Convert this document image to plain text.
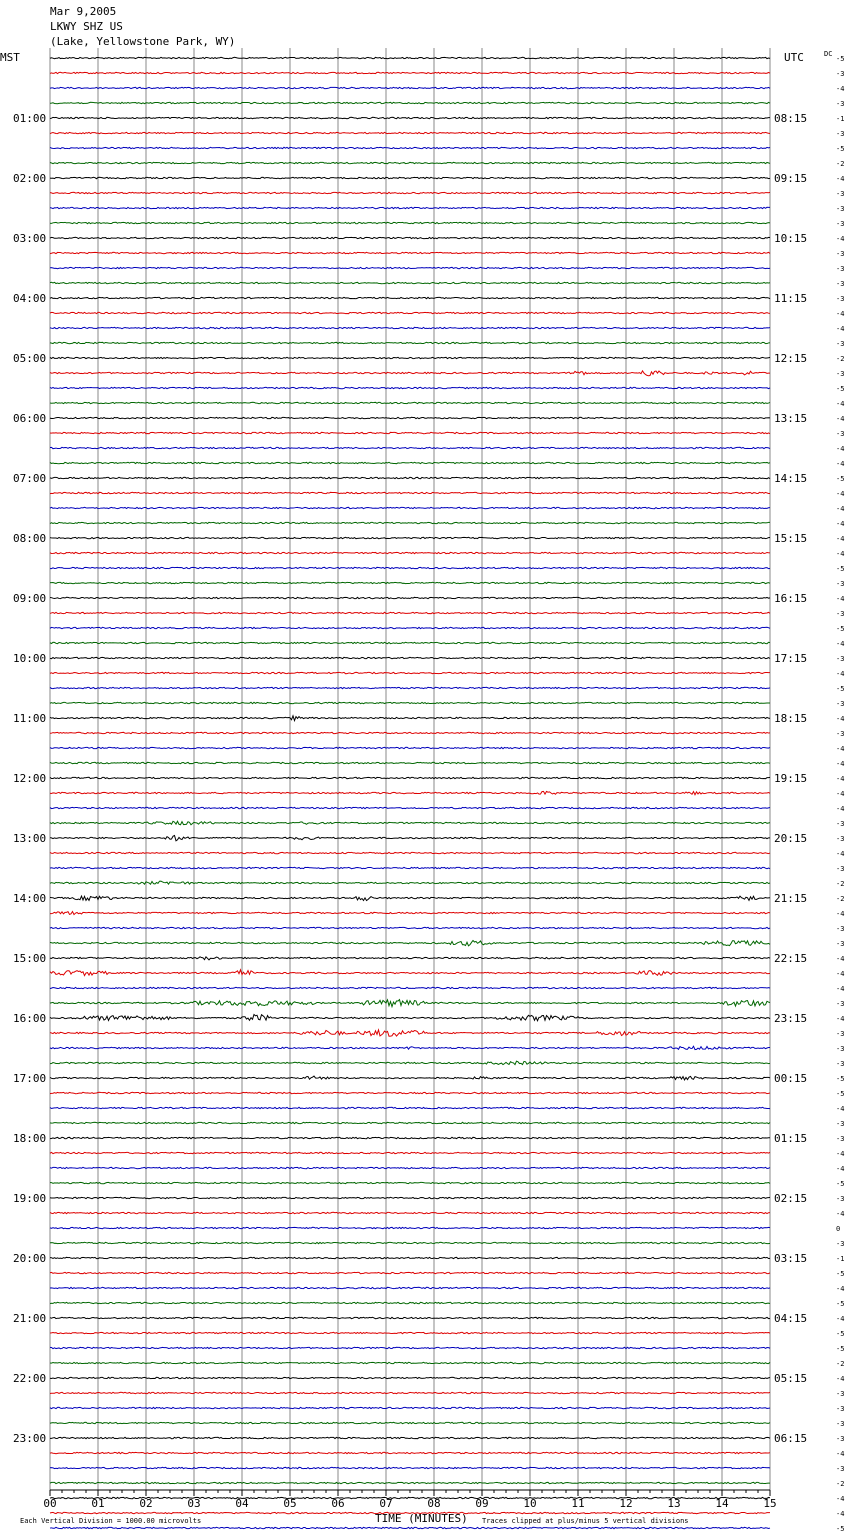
Mar 9,2005
LKWY SHZ US
(Lake, Yellowstone Park, WY)
00	01	02	03	04	05	06	07	08	09	10	11	12	13	14	15
-5
-3
-4
-3
-1
-3
-5
-2
-4
-3
-3
-3
-4
-3
-3
-3
-3
-4
-4
-3
-2
-3
-5
-4
-4
-3
-4
-4
-5
-4
-4
-4
-4
-4
-5
-3
-4
-3
-5
-4
-3
-4
-5
-3
-4
-3
-4
-4
-4
-4
-4
-3
-3
-4
-3
-2
-2
-4
-3
-3
-4
-4
-4
-3
-4
-3
-3
-3
-5
-5
-4
-3
-3
-4
-4
-5
-3
-4
0
-3
-1
-5
-4
-5
-4
-5
-5
-2
-4
-3
-3
-3
-3
-4
-3
-2
-4
-4
-5
01:00
02:00
03:00
04:00
05:00
06:00
07:00
08:00
09:00
10:00
11:00
12:00
13:00
14:00
15:00
16:00
17:00
18:00
19:00
20:00
21:00
22:00
23:00
08:15
09:15
10:15
11:15
12:15
13:15
14:15
15:15
16:15
17:15
18:15
19:15
20:15
21:15
22:15
23:15
00:15
01:15
02:15
03:15
04:15
05:15
06:15
MST	UTC	DC
TIME (MINUTES)
Each Vertical Division = 1000.00 microvolts	Traces clipped at plus/minus 5 vertical divisions
